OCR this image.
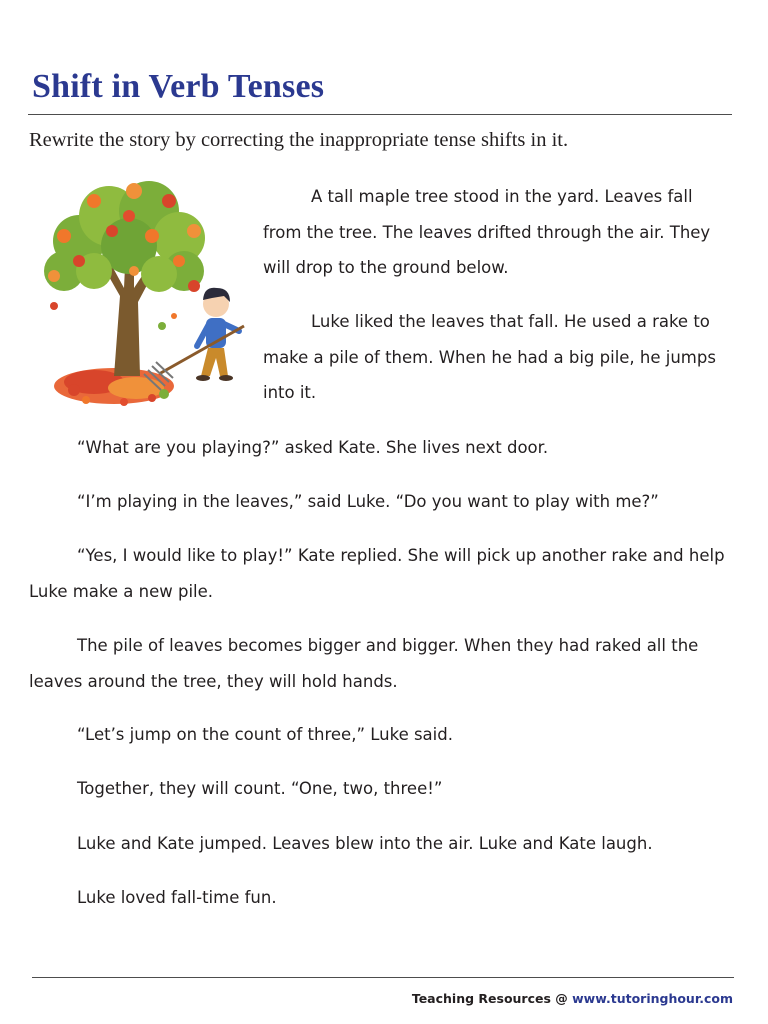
Shift in Verb Tenses
Rewrite the story by correcting the inappropriate tense shifts in it.

A tall maple tree stood in the yard. Leaves fall from the tree. The leaves drifted through the air. They will drop to the ground below.

Luke liked the leaves that fall. He used a rake to make a pile of them. When he had a big pile, he jumps into it.

“What are you playing?” asked Kate. She lives next door.

“I’m playing in the leaves,” said Luke. “Do you want to play with me?”

“Yes, I would like to play!” Kate replied. She will pick up another rake and help Luke make a new pile.

The pile of leaves becomes bigger and bigger. When they had raked all the leaves around the tree, they will hold hands.

“Let’s jump on the count of three,” Luke said.

Together, they will count. “One, two, three!”

Luke and Kate jumped. Leaves blew into the air. Luke and Kate laugh.

Luke loved fall-time fun.

Teaching Resources @ www.tutoringhour.com
